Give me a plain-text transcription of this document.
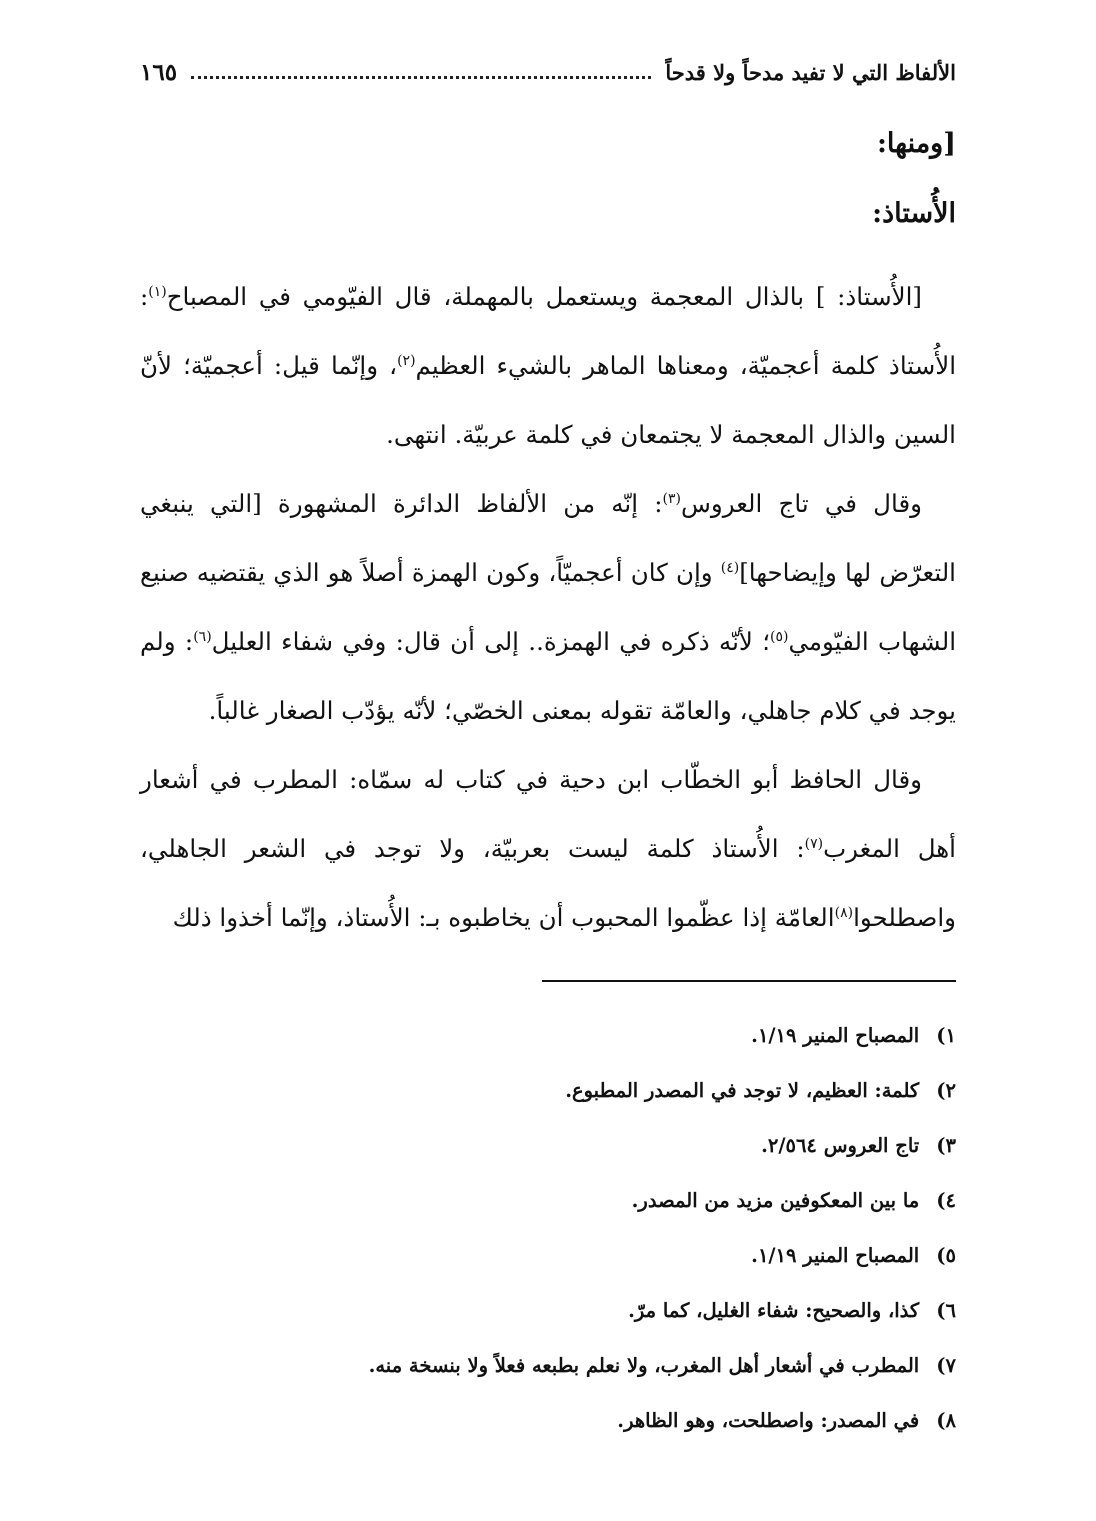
الألفاظ التي لا تفيد مدحاً ولا قدحاً
١٦٥
[ومنها:
الأُستاذ:

[الأُستاذ: ] بالذال المعجمة ويستعمل بالمهملة، قال الفيّومي في المصباح$^{(١)}$: الأُستاذ كلمة أعجميّة، ومعناها الماهر بالشيء العظيم$^{(٢)}$، وإنّما قيل: أعجميّة؛ لأنّ السين والذال المعجمة لا يجتمعان في كلمة عربيّة. انتهى.

وقال في تاج العروس$^{(٣)}$: إنّه من الألفاظ الدائرة المشهورة [التي ينبغي التعرّض لها وإيضاحها]$^{(٤)}$ وإن كان أعجميّاً، وكون الهمزة أصلاً هو الذي يقتضيه صنيع الشهاب الفيّومي$^{(٥)}$؛ لأنّه ذكره في الهمزة.. إلى أن قال: وفي شفاء العليل$^{(٦)}$: ولم يوجد في كلام جاهلي، والعامّة تقوله بمعنى الخصّي؛ لأنّه يؤدّب الصغار غالباً.

وقال الحافظ أبو الخطّاب ابن دحية في كتاب له سمّاه: المطرب في أشعار أهل المغرب$^{(٧)}$: الأُستاذ كلمة ليست بعربيّة، ولا توجد في الشعر الجاهلي، واصطلحوا$^{(٨)}$العامّة إذا عظّموا المحبوب أن يخاطبوه بـ: الأُستاذ، وإنّما أخذوا ذلك

١) المصباح المنير ١/١٩.
٢) كلمة: العظيم، لا توجد في المصدر المطبوع.
٣) تاج العروس ٢/٥٦٤.
٤) ما بين المعكوفين مزيد من المصدر.
٥) المصباح المنير ١/١٩.
٦) كذا، والصحيح: شفاء الغليل، كما مرّ.
٧) المطرب في أشعار أهل المغرب، ولا نعلم بطبعه فعلاً ولا بنسخة منه.
٨) في المصدر: واصطلحت، وهو الظاهر.
